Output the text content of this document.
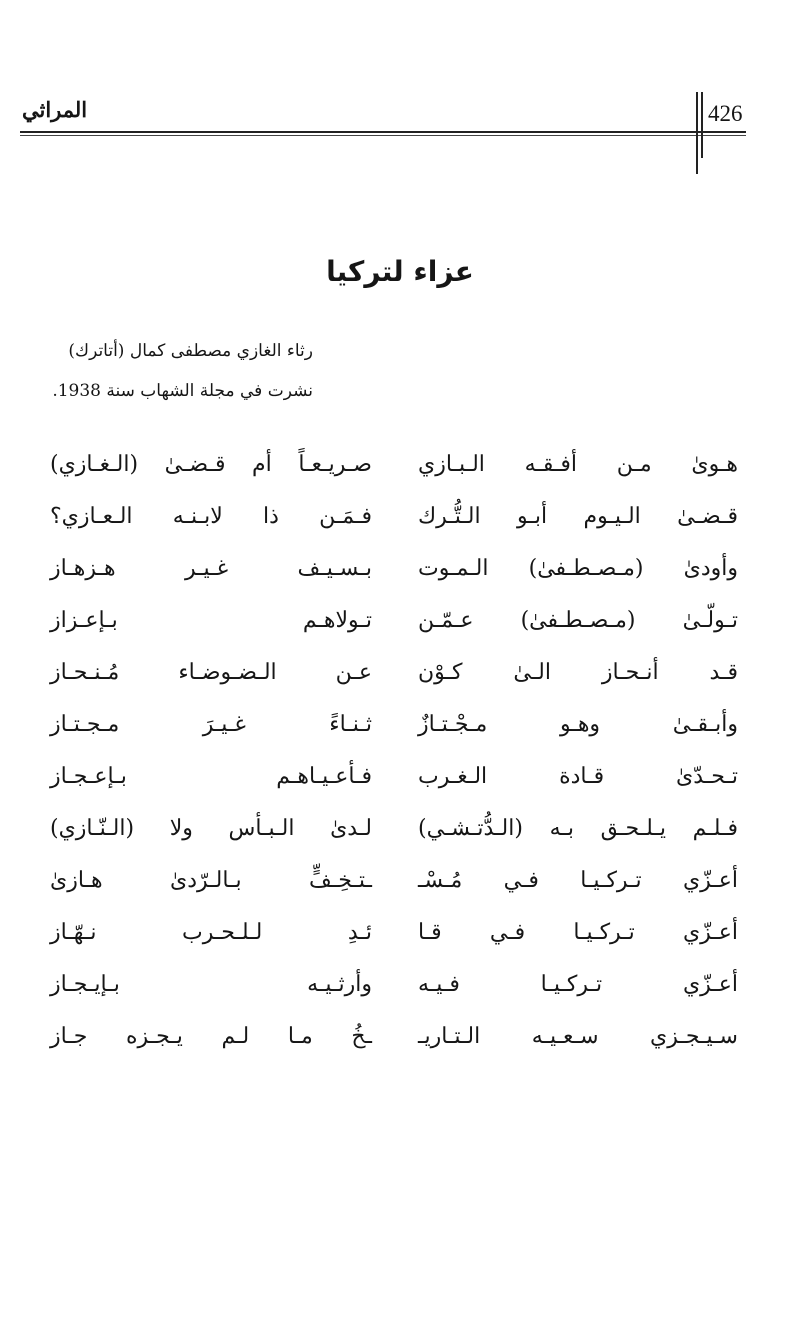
المراثي	426
عزاء لتركيا
رثاء الغازي مصطفى كمال (أتاترك)
نشرت في مجلة الشهاب سنة 1938.
هـوىٰ مـن أفـقـه الـبـازي
صـريـعـاً أم قـضـىٰ (الـغـازي)
قـضـىٰ الـيـوم أبـو الـتُّـرك
فـمَـن ذا لابـنـه الـعـازي؟
وأودىٰ (مـصـطـفىٰ) الـمـوت
بـسـيـف غـيـر هـزهـاز
تـولّـىٰ (مـصـطـفىٰ) عـمّـن
تـولاهـم بـإعـزاز
قـد أنـحـاز الـىٰ كـوْن
عـن الـضـوضـاء مُـنـحـاز
وأبـقـىٰ وهـو مـجْـتـازٌ
ثـنـاءً غـيـرَ مـجـتـاز
تـحـدّىٰ قـادة الـغـرب
فـأعـيـاهـم بـإعـجـاز
فـلـم يـلـحـق بـه (الـدُّتـشـي)
لـدىٰ الـبـأس ولا (الـنّـازي)
أعـزّي تـركـيـا فـي مُـسْـ
ـتـخِـفٍّ بـالـرّدىٰ هـازىٰ
أعـزّي تـركـيـا فـي قـا
ئـدِ لـلـحـرب نـهّـاز
أعـزّي تـركـيـا فـيـه
وأرثـيـه بـإيـجـاز
سـيـجـزي سـعـيـه الـتـاريـ
ـخُ مـا لـم يـجـزه جـاز
